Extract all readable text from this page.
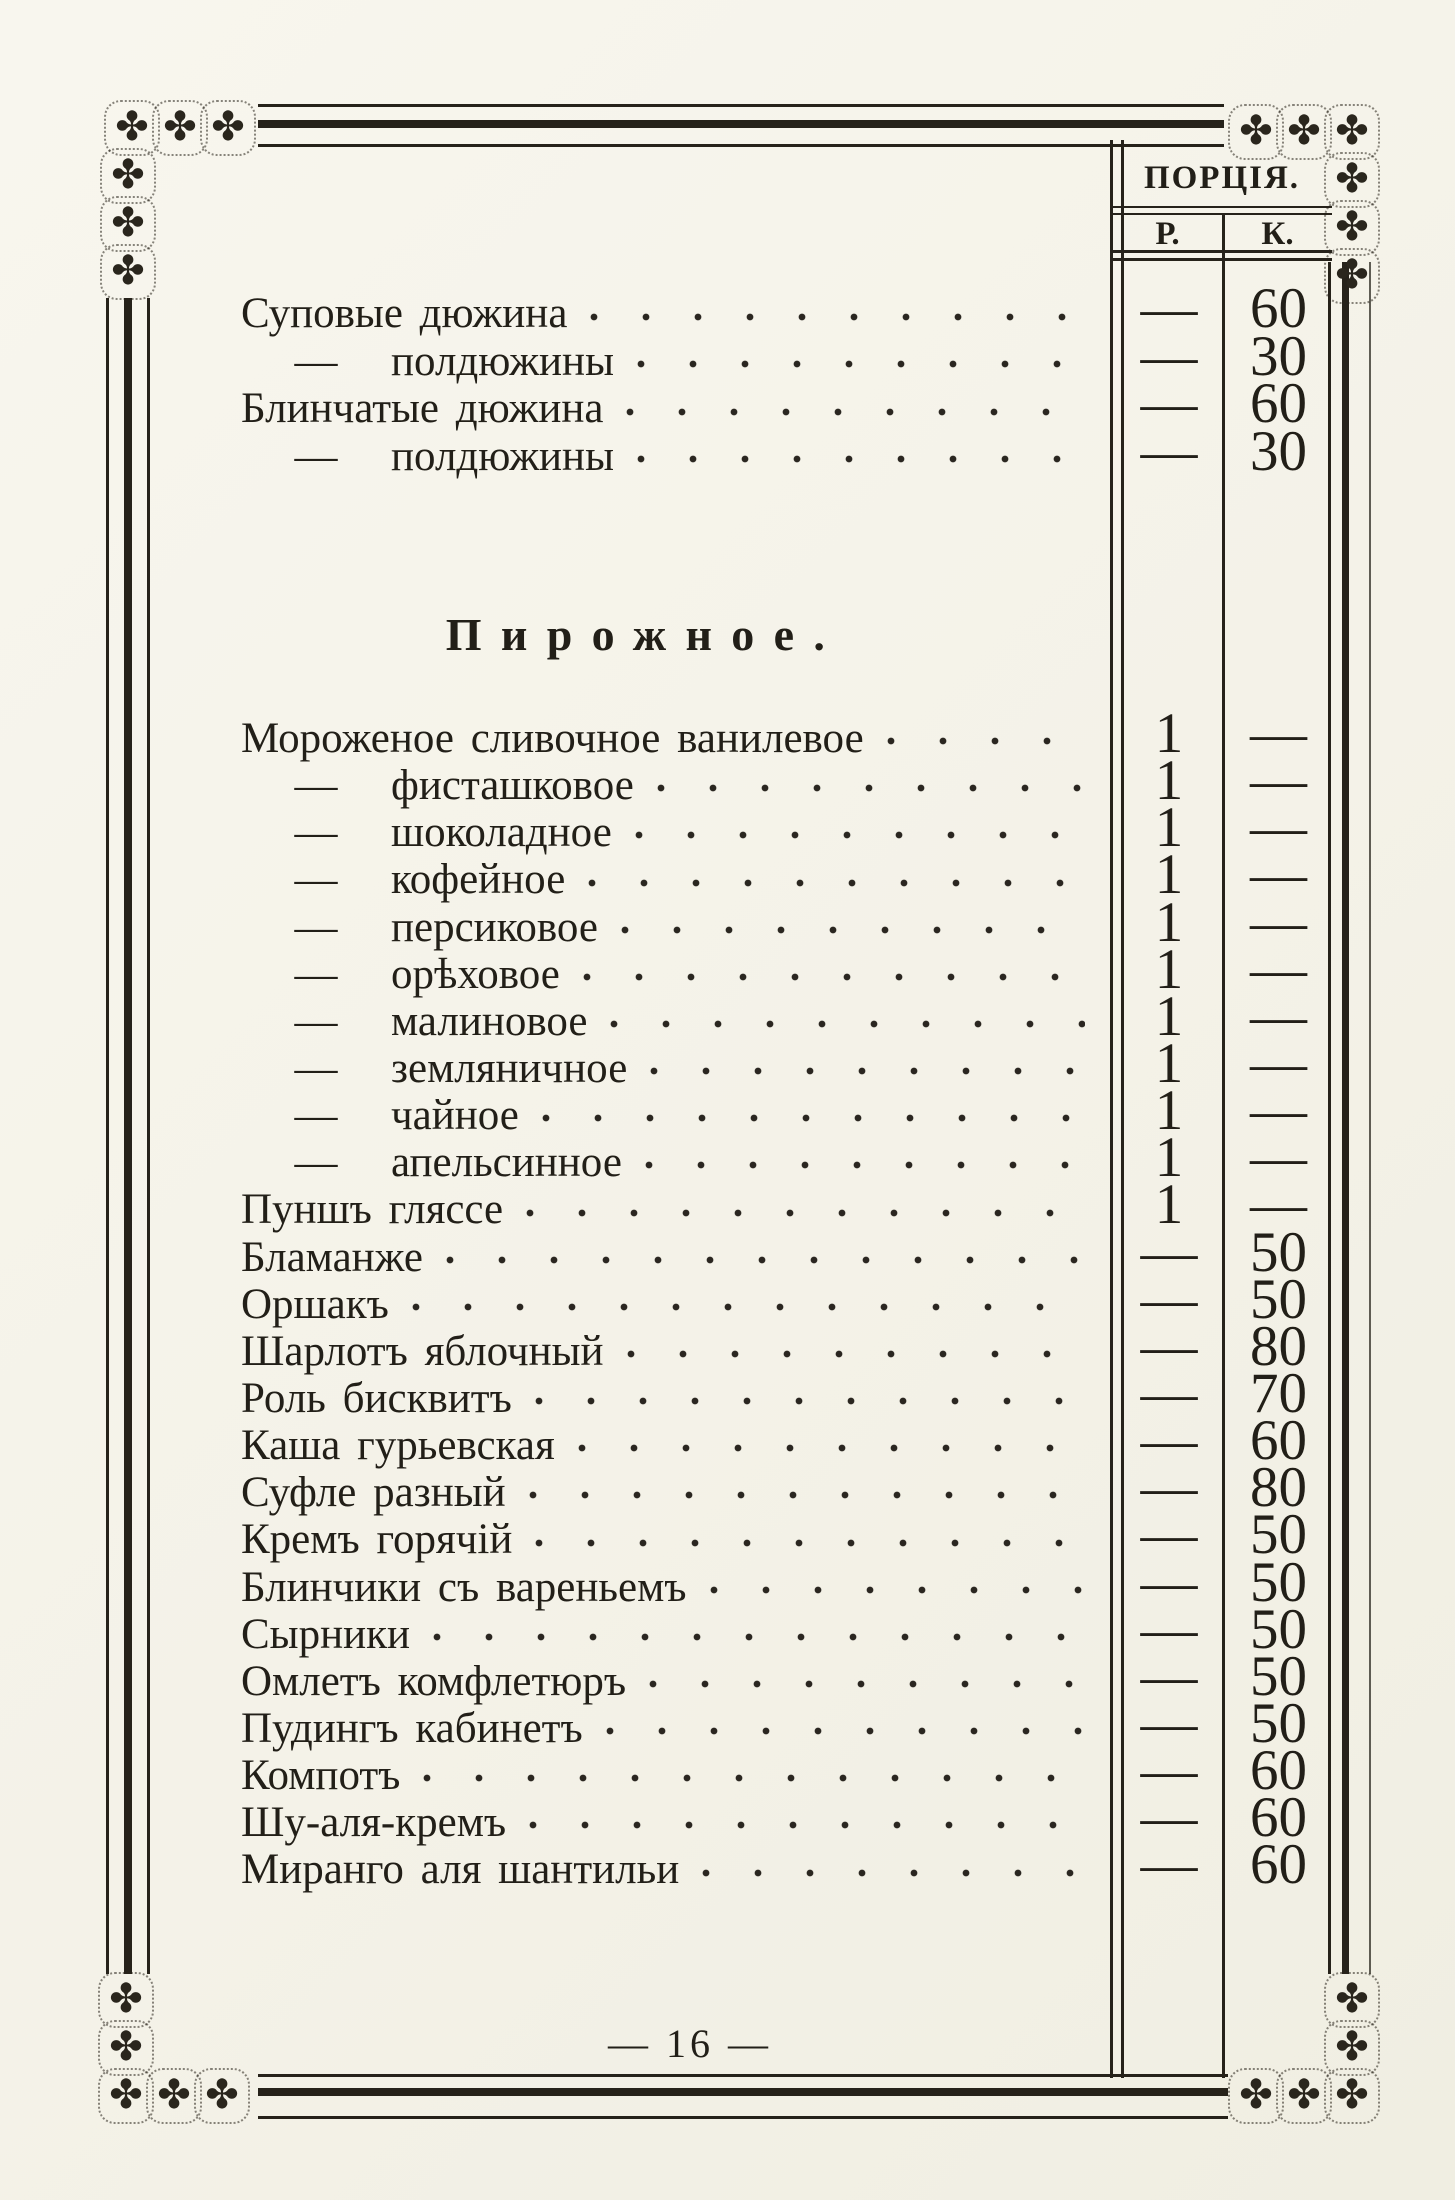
✤ ✤ ✤
✤
✤
✤
✤ ✤ ✤
✤
✤
✤
✤
✤
✤ ✤ ✤
✤
✤
✤
✤
✤
ПОРЦІЯ.
Р.	К.
Суповые дюжина	— 60
—	полдюжины	— 30
Блинчатые дюжина	— 60
—	полдюжины	— 30
Пирожное.
Мороженое сливочное ванилевое	1	—
—	фисташковое	1	—
—	шоколадное	1	—
—	кофейное	1	—
—	персиковое	1	—
—	орѣховое	1	—
—	малиновое	1	—
—	земляничное	1	—
—	чайное	1	—
—	апельсинное	1	—
Пуншъ гляссе	1	—
Бламанже	— 50
Оршакъ	— 50
Шарлотъ яблочный	— 80
Роль бисквитъ	— 70
Каша гурьевская	— 60
Суфле разный	— 80
Кремъ горячій	— 50
Блинчики съ вареньемъ	— 50
Сырники	— 50
Омлетъ комфлетюръ	— 50
Пудингъ кабинетъ	— 50
Компотъ	— 60
Шу-аля-кремъ	— 60
Миранго аля шантильи	— 60
— 16 —
